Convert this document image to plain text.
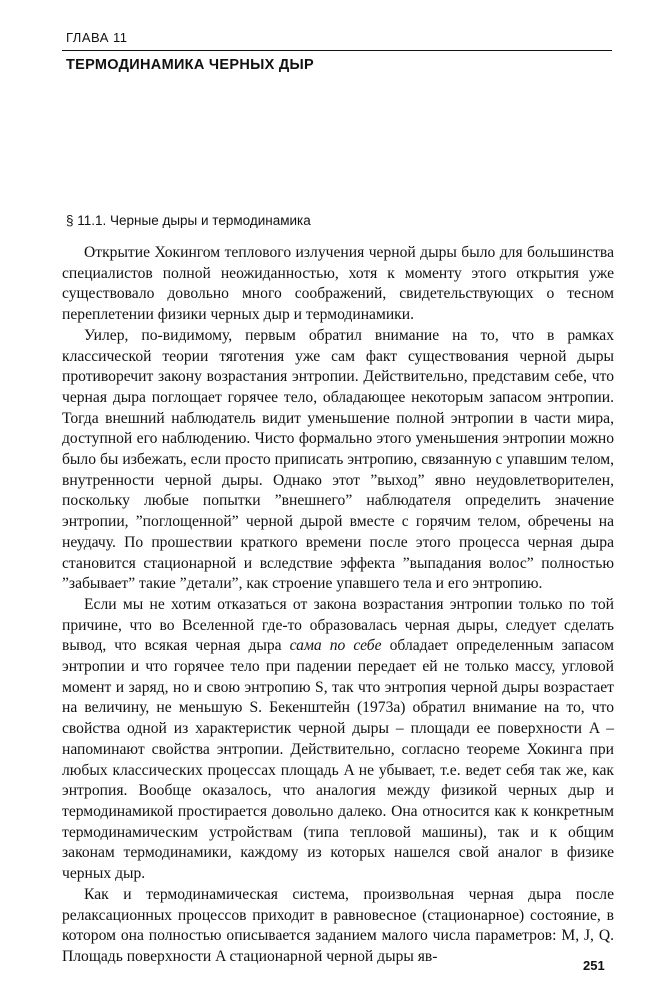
ГЛАВА 11
ТЕРМОДИНАМИКА ЧЕРНЫХ ДЫР
§ 11.1. Черные дыры и термодинамика

Открытие Хокингом теплового излучения черной дыры было для большинства специалистов полной неожиданностью, хотя к моменту этого открытия уже существовало довольно много соображений, свидетельствующих о тесном переплетении физики черных дыр и термодинамики.

Уилер, по-видимому, первым обратил внимание на то, что в рамках классической теории тяготения уже сам факт существования черной дыры противоречит закону возрастания энтропии. Действительно, представим себе, что черная дыра поглощает горячее тело, обладающее некоторым запасом энтропии. Тогда внешний наблюдатель видит уменьшение полной энтропии в части мира, доступной его наблюдению. Чисто формально этого уменьшения энтропии можно было бы избежать, если просто приписать энтропию, связанную с упавшим телом, внутренности черной дыры. Однако этот ”выход” явно неудовлетворителен, поскольку любые попытки ”внешнего” наблюдателя определить значение энтропии, ”поглощенной” черной дырой вместе с горячим телом, обречены на неудачу. По прошествии краткого времени после этого процесса черная дыра становится стационарной и вследствие эффекта ”выпадания волос” полностью ”забывает” такие ”детали”, как строение упавшего тела и его энтропию.

Если мы не хотим отказаться от закона возрастания энтропии только по той причине, что во Вселенной где-то образовалась черная дыры, следует сделать вывод, что всякая черная дыра сама по себе обладает определенным запасом энтропии и что горячее тело при падении передает ей не только массу, угловой момент и заряд, но и свою энтропию S, так что энтропия черной дыры возрастает на величину, не меньшую S. Бекенштейн (1973а) обратил внимание на то, что свойства одной из характеристик черной дыры – площади ее поверхности A – напоминают свойства энтропии. Действительно, согласно теореме Хокинга при любых классических процессах площадь A не убывает, т.е. ведет себя так же, как энтропия. Вообще оказалось, что аналогия между физикой черных дыр и термодинамикой простирается довольно далеко. Она относится как к конкретным термодинамическим устройствам (типа тепловой машины), так и к общим законам термодинамики, каждому из которых нашелся свой аналог в физике черных дыр.

Как и термодинамическая система, произвольная черная дыра после релаксационных процессов приходит в равновесное (стационарное) состояние, в котором она полностью описывается заданием малого числа параметров: M, J, Q. Площадь поверхности A стационарной черной дыры яв-

251
